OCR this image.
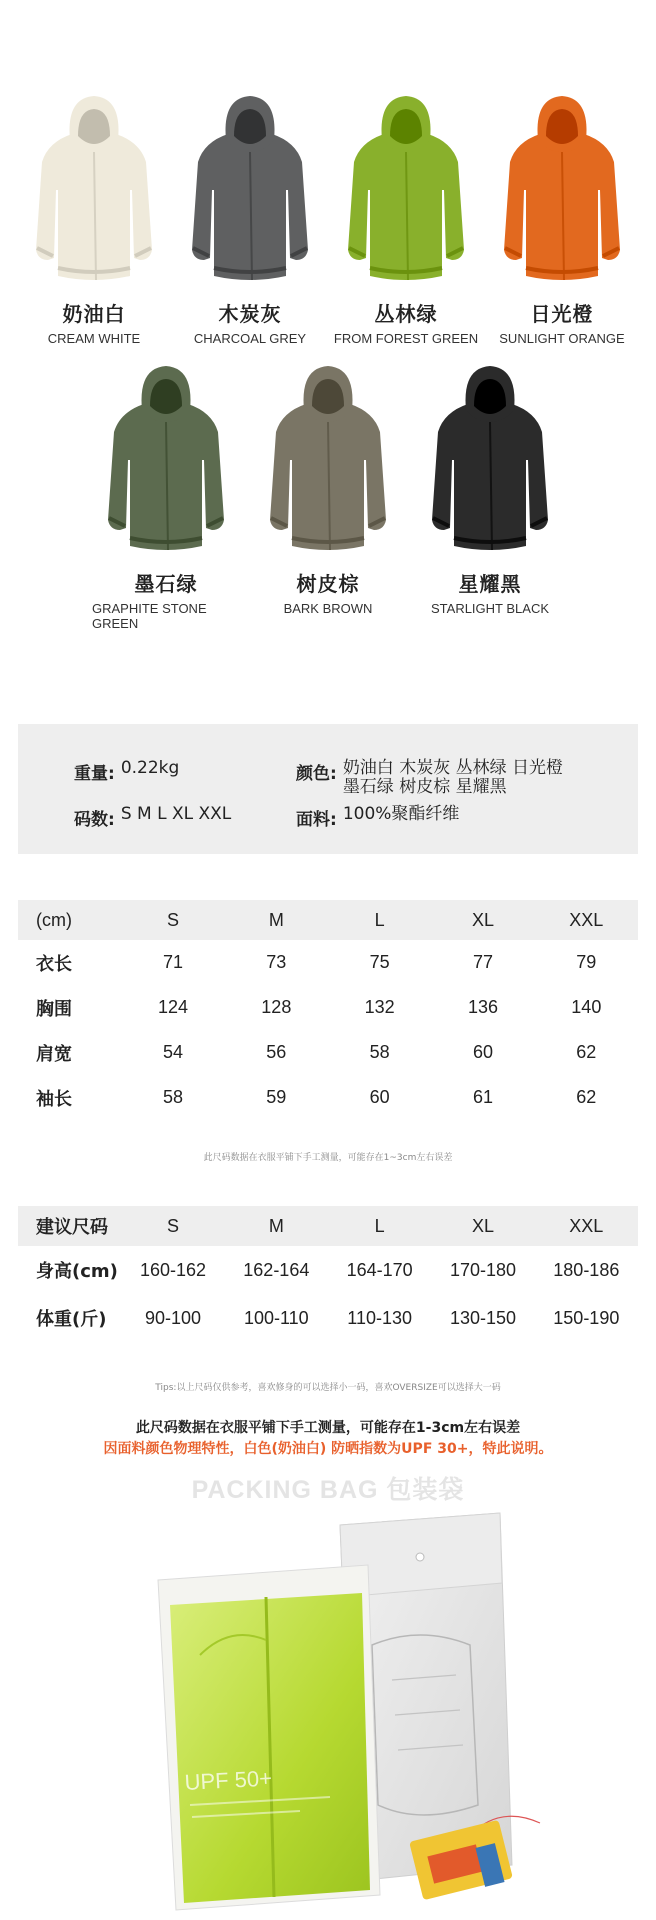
奶油白
CREAM WHITE
木炭灰
CHARCOAL GREY
丛林绿
FROM FOREST GREEN
日光橙
SUNLIGHT ORANGE
墨石绿
GRAPHITE STONE GREEN
树皮棕
BARK BROWN
星耀黑
STARLIGHT BLACK
重量: 0.22kg
码数: S M L XL XXL
颜色: 奶油白 木炭灰 丛林绿 日光橙
墨石绿 树皮棕 星耀黑
面料: 100%聚酯纤维
(cm)	S	M	L	XL	XXL
衣长	71	73	75	77	79
胸围	124	128	132	136	140
肩宽	54	56	58	60	62
袖长	58	59	60	61	62
此尺码数据在衣服平铺下手工测量，可能存在1~3cm左右误差
建议尺码	S	M	L	XL	XXL
身高(cm)	160-162	162-164	164-170	170-180	180-186
体重(斤)	90-100	100-110	110-130	130-150	150-190
Tips:以上尺码仅供参考，喜欢修身的可以选择小一码，喜欢OVERSIZE可以选择大一码
此尺码数据在衣服平铺下手工测量，可能存在1-3cm左右误差
因面料颜色物理特性，白色(奶油白) 防晒指数为UPF 30+，特此说明。
PACKING BAG 包装袋
UPF 50+
